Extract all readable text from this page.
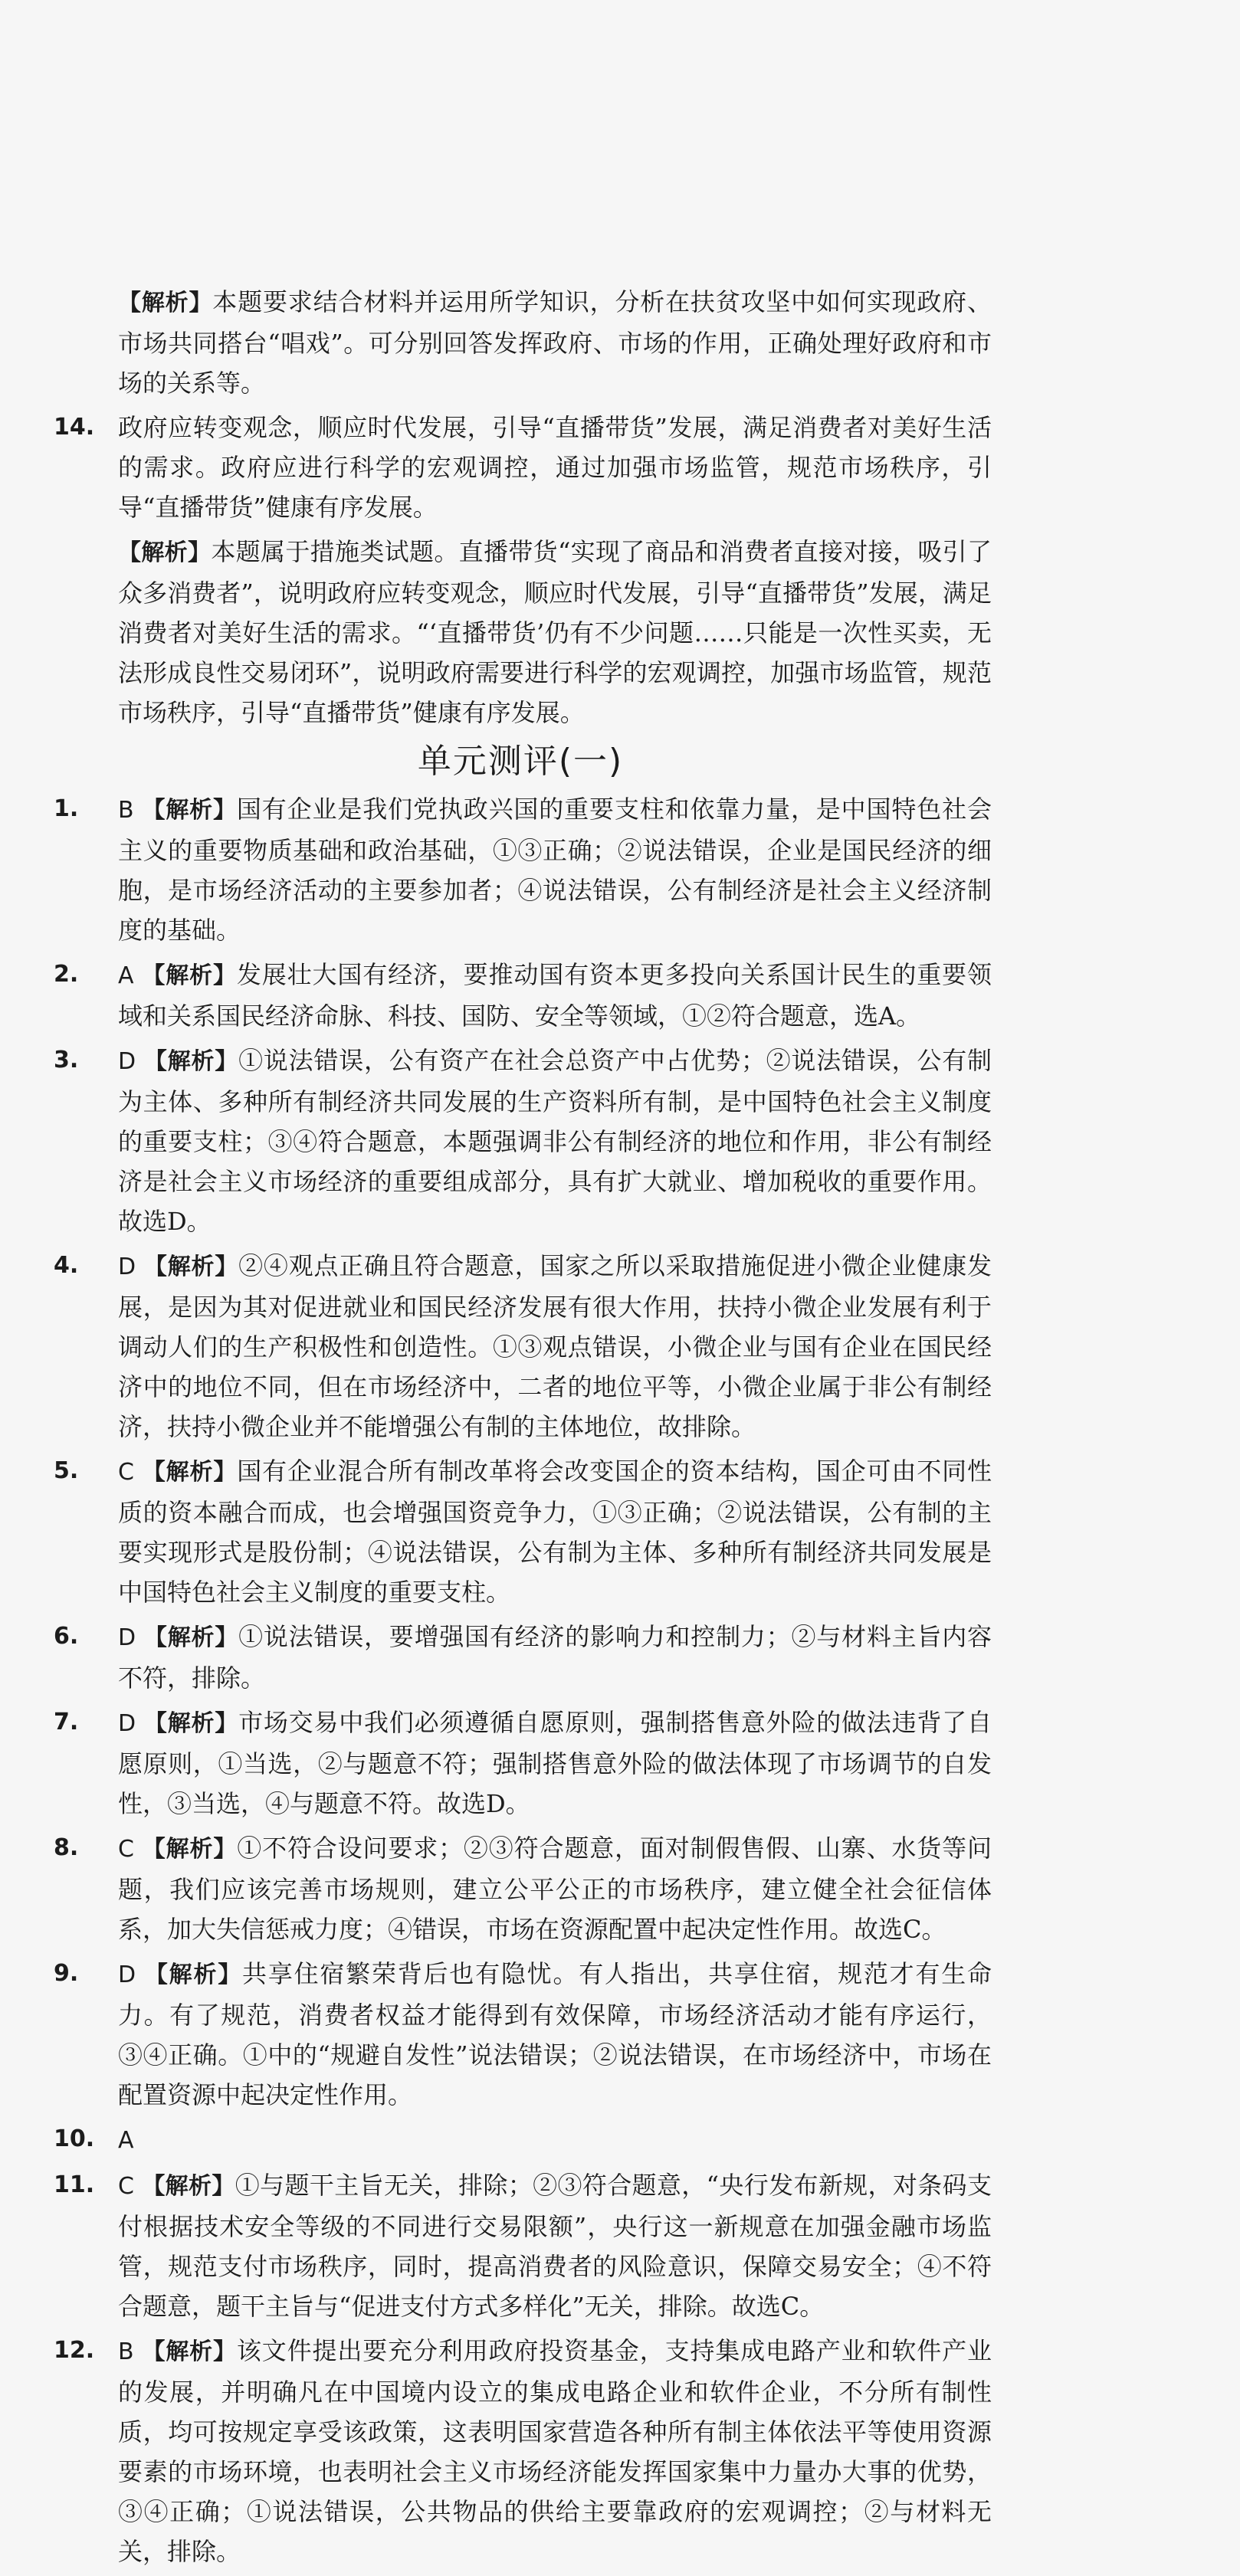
【解析】本题要求结合材料并运用所学知识，分析在扶贫攻坚中如何实现政府、市场共同搭台“唱戏”。可分别回答发挥政府、市场的作用，正确处理好政府和市场的关系等。

14. 政府应转变观念，顺应时代发展，引导“直播带货”发展，满足消费者对美好生活的需求。政府应进行科学的宏观调控，通过加强市场监管，规范市场秩序，引导“直播带货”健康有序发展。

【解析】本题属于措施类试题。直播带货“实现了商品和消费者直接对接，吸引了众多消费者”，说明政府应转变观念，顺应时代发展，引导“直播带货”发展，满足消费者对美好生活的需求。“‘直播带货’仍有不少问题……只能是一次性买卖，无法形成良性交易闭环”，说明政府需要进行科学的宏观调控，加强市场监管，规范市场秩序，引导“直播带货”健康有序发展。

单元测评(一)
1. B 【解析】国有企业是我们党执政兴国的重要支柱和依靠力量，是中国特色社会主义的重要物质基础和政治基础，①③正确；②说法错误，企业是国民经济的细胞，是市场经济活动的主要参加者；④说法错误，公有制经济是社会主义经济制度的基础。
2. A 【解析】发展壮大国有经济，要推动国有资本更多投向关系国计民生的重要领域和关系国民经济命脉、科技、国防、安全等领域，①②符合题意，选A。
3. D 【解析】①说法错误，公有资产在社会总资产中占优势；②说法错误，公有制为主体、多种所有制经济共同发展的生产资料所有制，是中国特色社会主义制度的重要支柱；③④符合题意，本题强调非公有制经济的地位和作用，非公有制经济是社会主义市场经济的重要组成部分，具有扩大就业、增加税收的重要作用。故选D。
4. D 【解析】②④观点正确且符合题意，国家之所以采取措施促进小微企业健康发展，是因为其对促进就业和国民经济发展有很大作用，扶持小微企业发展有利于调动人们的生产积极性和创造性。①③观点错误，小微企业与国有企业在国民经济中的地位不同，但在市场经济中，二者的地位平等，小微企业属于非公有制经济，扶持小微企业并不能增强公有制的主体地位，故排除。
5. C 【解析】国有企业混合所有制改革将会改变国企的资本结构，国企可由不同性质的资本融合而成，也会增强国资竞争力，①③正确；②说法错误，公有制的主要实现形式是股份制；④说法错误，公有制为主体、多种所有制经济共同发展是中国特色社会主义制度的重要支柱。
6. D 【解析】①说法错误，要增强国有经济的影响力和控制力；②与材料主旨内容不符，排除。
7. D 【解析】市场交易中我们必须遵循自愿原则，强制搭售意外险的做法违背了自愿原则，①当选，②与题意不符；强制搭售意外险的做法体现了市场调节的自发性，③当选，④与题意不符。故选D。
8. C 【解析】①不符合设问要求；②③符合题意，面对制假售假、山寨、水货等问题，我们应该完善市场规则，建立公平公正的市场秩序，建立健全社会征信体系，加大失信惩戒力度；④错误，市场在资源配置中起决定性作用。故选C。
9. D 【解析】共享住宿繁荣背后也有隐忧。有人指出，共享住宿，规范才有生命力。有了规范，消费者权益才能得到有效保障，市场经济活动才能有序运行，③④正确。①中的“规避自发性”说法错误；②说法错误，在市场经济中，市场在配置资源中起决定性作用。
10. A
11. C 【解析】①与题干主旨无关，排除；②③符合题意，“央行发布新规，对条码支付根据技术安全等级的不同进行交易限额”，央行这一新规意在加强金融市场监管，规范支付市场秩序，同时，提高消费者的风险意识，保障交易安全；④不符合题意，题干主旨与“促进支付方式多样化”无关，排除。故选C。
12. B 【解析】该文件提出要充分利用政府投资基金，支持集成电路产业和软件产业的发展，并明确凡在中国境内设立的集成电路企业和软件企业，不分所有制性质，均可按规定享受该政策，这表明国家营造各种所有制主体依法平等使用资源要素的市场环境，也表明社会主义市场经济能发挥国家集中力量办大事的优势，③④正确；①说法错误，公共物品的供给主要靠政府的宏观调控；②与材料无关，排除。
